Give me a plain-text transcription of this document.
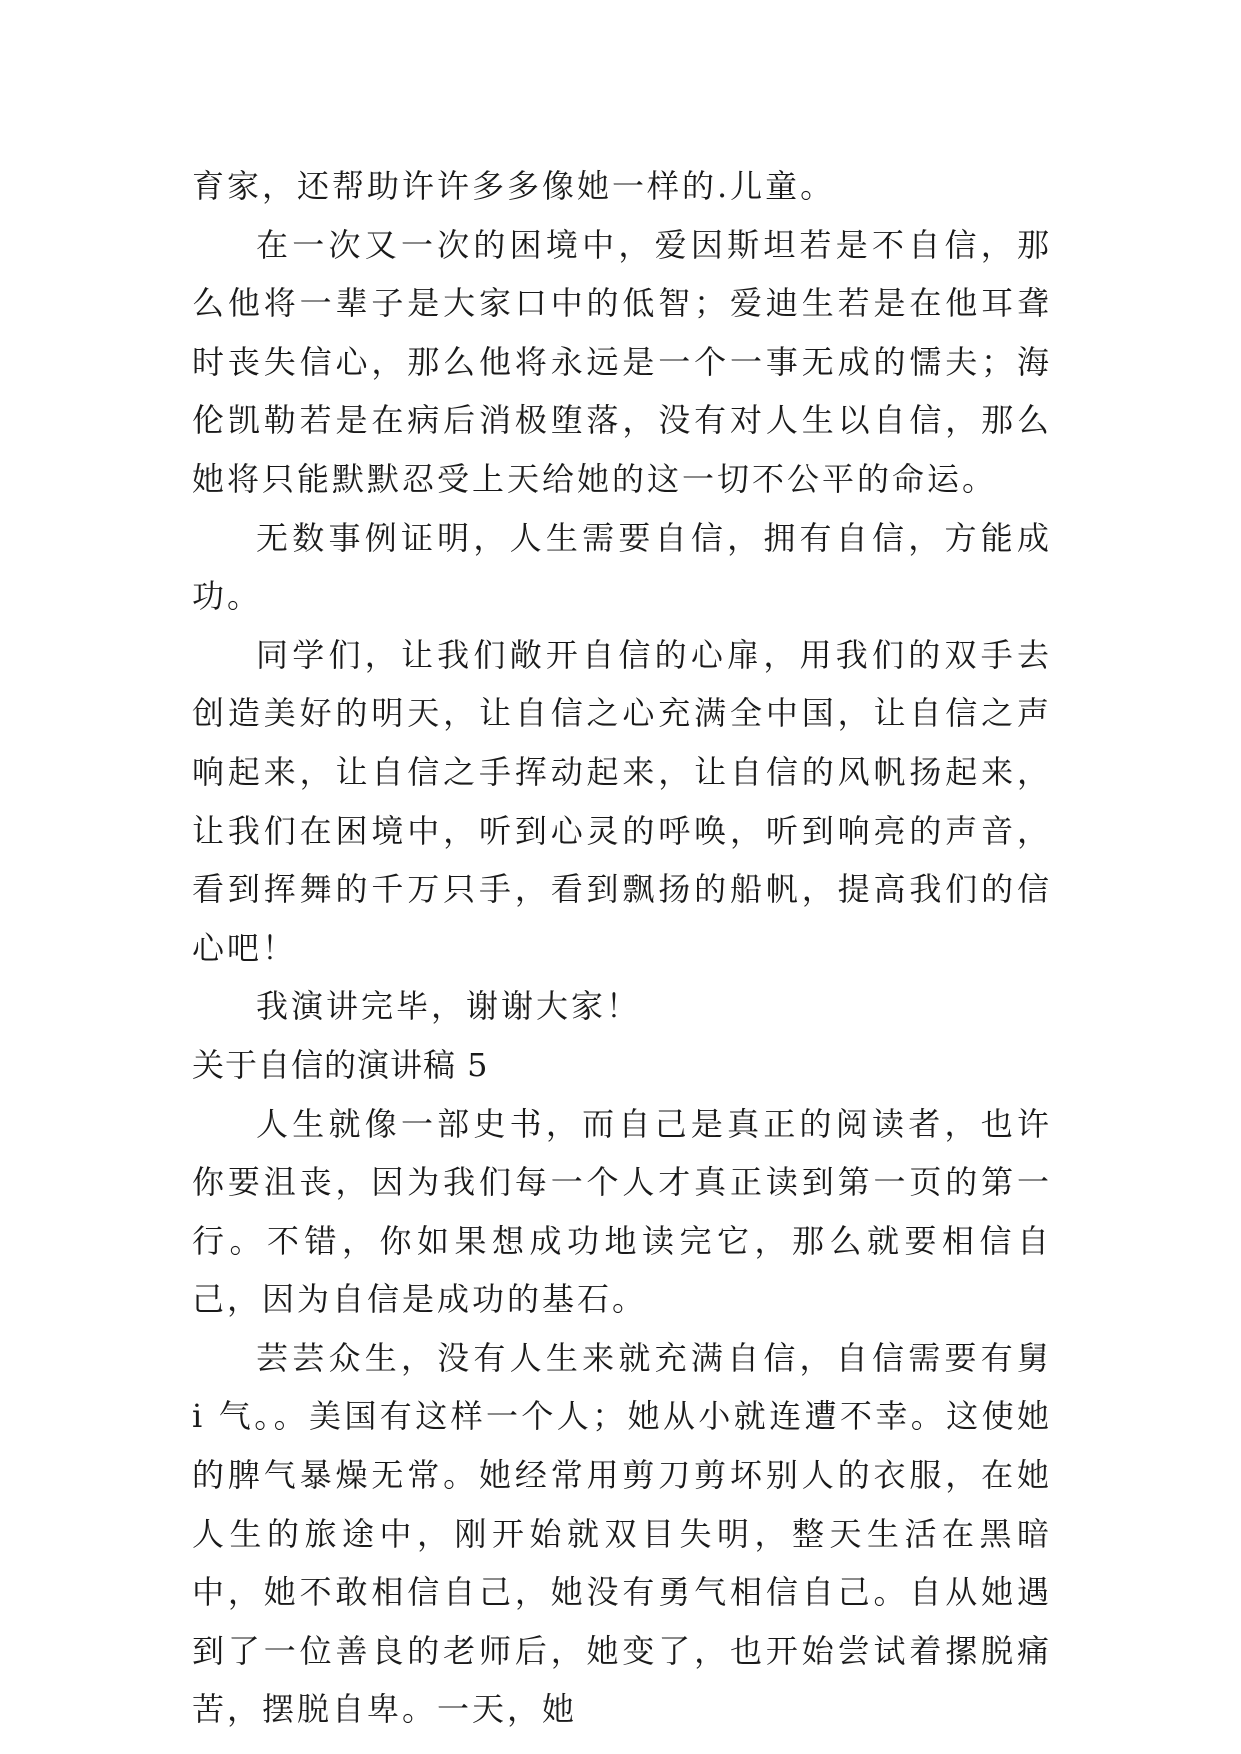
育家，还帮助许许多多像她一样的.儿童。

在一次又一次的困境中，爱因斯坦若是不自信，那么他将一辈子是大家口中的低智；爱迪生若是在他耳聋时丧失信心，那么他将永远是一个一事无成的懦夫；海伦凯勒若是在病后消极堕落，没有对人生以自信，那么她将只能默默忍受上天给她的这一切不公平的命运。

无数事例证明，人生需要自信，拥有自信，方能成功。

同学们，让我们敞开自信的心扉，用我们的双手去创造美好的明天，让自信之心充满全中国，让自信之声响起来，让自信之手挥动起来，让自信的风帆扬起来，让我们在困境中，听到心灵的呼唤，听到响亮的声音，看到挥舞的千万只手，看到飘扬的船帆，提高我们的信心吧！

我演讲完毕，谢谢大家！

关于自信的演讲稿 5

人生就像一部史书，而自己是真正的阅读者，也许你要沮丧，因为我们每一个人才真正读到第一页的第一行。不错，你如果想成功地读完它，那么就要相信自己，因为自信是成功的基石。

芸芸众生，没有人生来就充满自信，自信需要有舅 i 气。。美国有这样一个人；她从小就连遭不幸。这使她的脾气暴燥无常。她经常用剪刀剪坏别人的衣服，在她人生的旅途中，刚开始就双目失明，整天生活在黑暗中，她不敢相信自己，她没有勇气相信自己。自从她遇到了一位善良的老师后，她变了，也开始尝试着摞脱痛苦，摆脱自卑。一天，她
